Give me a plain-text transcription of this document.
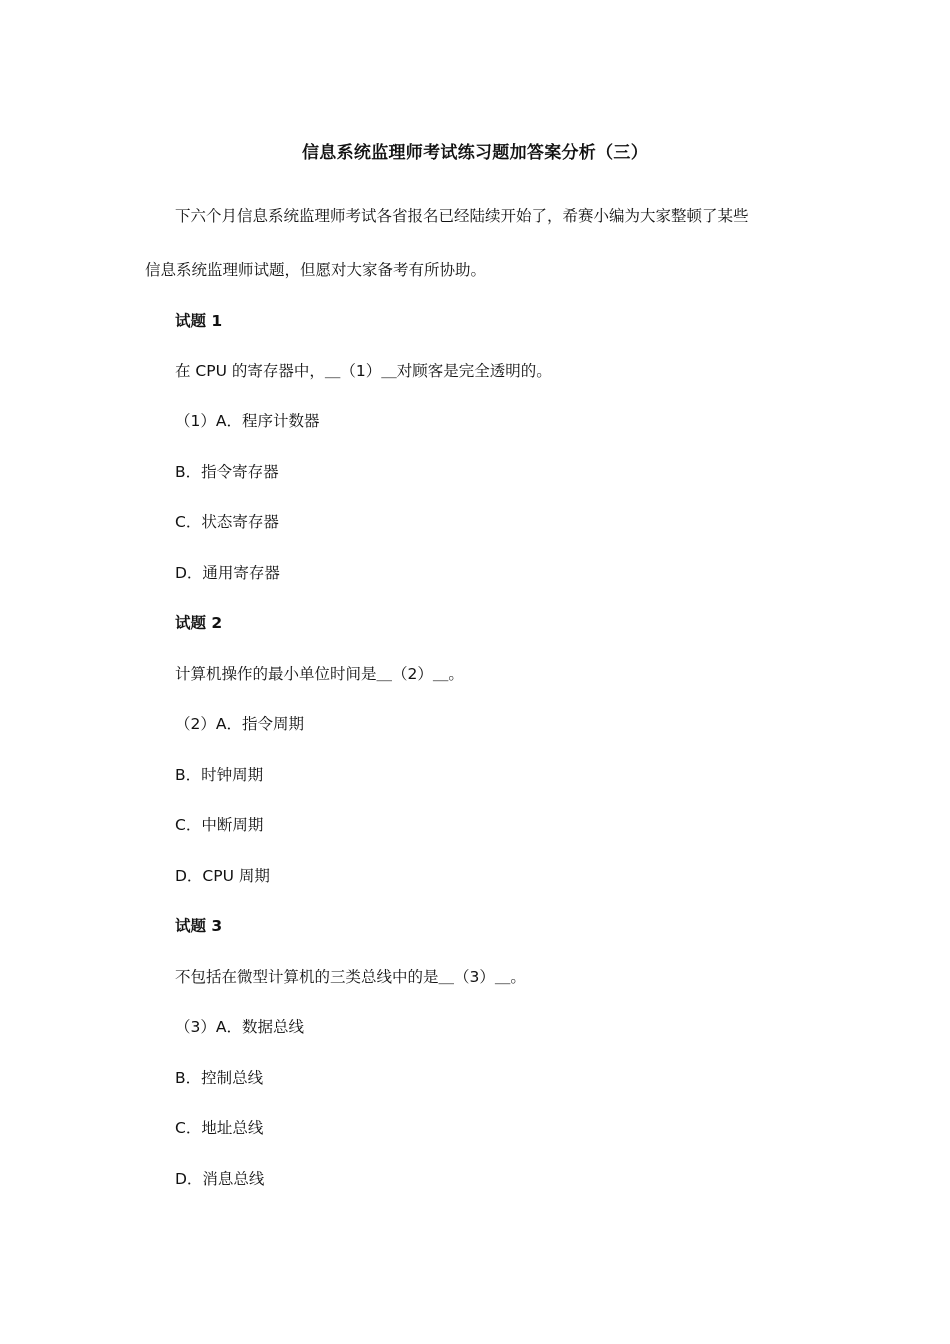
信息系统监理师考试练习题加答案分析（三）
下六个月信息系统监理师考试各省报名已经陆续开始了，希赛小编为大家整顿了某些
信息系统监理师试题，但愿对大家备考有所协助。
试题 1
在 CPU 的寄存器中，＿（1）＿对顾客是完全透明的。
（1）A．程序计数器
B．指令寄存器
C．状态寄存器
D．通用寄存器
试题 2
计算机操作的最小单位时间是＿（2）＿。
（2）A．指令周期
B．时钟周期
C．中断周期
D．CPU 周期
试题 3
不包括在微型计算机的三类总线中的是＿（3）＿。
（3）A．数据总线
B．控制总线
C．地址总线
D．消息总线
